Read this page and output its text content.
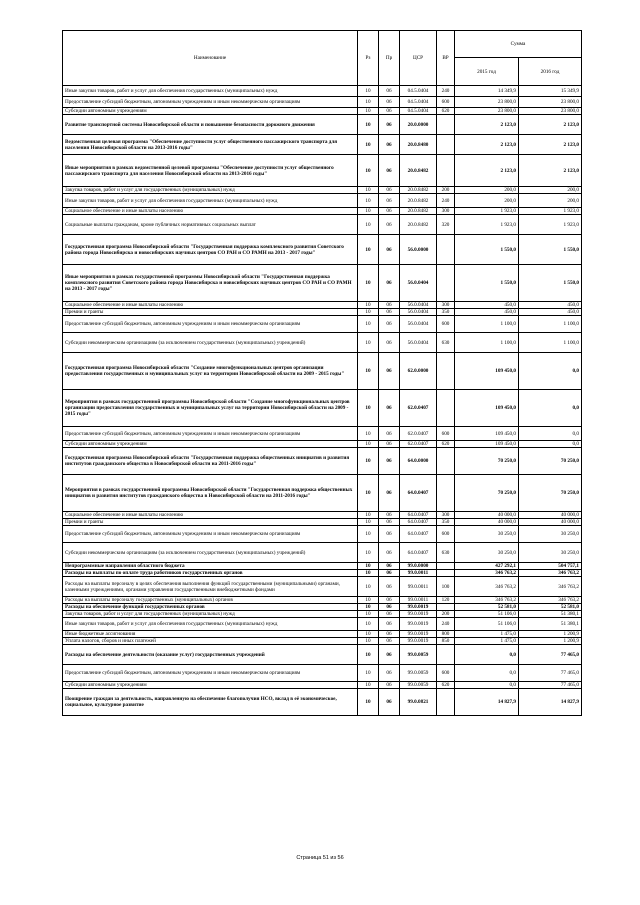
Наименование	Рз	Пр	ЦСР	ВР	Сумма	
					2015 год	2016 год
Иные закупки товаров, работ и услуг для обеспечения государственных (муниципальных) нужд	10	06	04.5.0404	240	14 349,9	15 349,9
Предоставление субсидий бюджетным, автономным учреждениям и иным некоммерческим организациям	10	06	04.5.0404	600	23 800,0	23 800,0
Субсидии автономным учреждениям	10	06	04.5.0404	620	23 800,0	23 800,0
Развитие транспортной системы Новосибирской области и повышение безопасности дорожного движения	10	06	20.0.0000		2 123,0	2 123,0
Ведомственная целевая программа "Обеспечение доступности услуг общественного пассажирского транспорта для населения Новосибирской области на 2013-2016 годы"	10	06	20.0.8480		2 123,0	2 123,0
Иные мероприятия в рамках ведомственной целевой программы "Обеспечение доступности услуг общественного пассажирского транспорта для населения Новосибирской области на 2013-2016 годы"	10	06	20.0.8482		2 123,0	2 123,0
Закупка товаров, работ и услуг для государственных (муниципальных) нужд	10	06	20.0.8482	200	200,0	200,0
Иные закупки товаров, работ и услуг для обеспечения государственных (муниципальных) нужд	10	06	20.0.8482	240	200,0	200,0
Социальное обеспечение и иные выплаты населению	10	06	20.0.8482	300	1 923,0	1 923,0
Социальные выплаты гражданам, кроме публичных нормативных социальных выплат	10	06	20.0.8482	320	1 923,0	1 923,0
Государственная программа Новосибирской области "Государственная поддержка комплексного развития Советского района города Новосибирска и новосибирских научных центров СО РАН и СО РАМН на 2013 - 2017 годы"	10	06	56.0.0000		1 550,0	1 550,0
Иные мероприятия в рамках государственной программы Новосибирской области "Государственная поддержка комплексного развития Советского района города Новосибирска и новосибирских научных центров СО РАН и СО РАМН на 2013 - 2017 годы"	10	06	56.0.0404		1 550,0	1 550,0
Социальное обеспечение и иные выплаты населению	10	06	56.0.0404	300	450,0	450,0
Премии и гранты	10	06	56.0.0404	350	450,0	450,0
Предоставление субсидий бюджетным, автономным учреждениям и иным некоммерческим организациям	10	06	56.0.0404	600	1 100,0	1 100,0
Субсидии некоммерческим организациям (за исключением государственных (муниципальных) учреждений)	10	06	56.0.0404	630	1 100,0	1 100,0
Государственная программа Новосибирской области "Создание многофункциональных центров организации предоставления государственных и муниципальных услуг на территории Новосибирской области на 2009 - 2015 годы"	10	06	62.0.0000		109 450,0	0,0
Мероприятия в рамках государственной программы Новосибирской области "Создание многофункциональных центров организации предоставления государственных и муниципальных услуг на территории Новосибирской области на 2009 - 2015 годы"	10	06	62.0.0407		109 450,0	0,0
Предоставление субсидий бюджетным, автономным учреждениям и иным некоммерческим организациям	10	06	62.0.0407	600	109 450,0	0,0
Субсидии автономным учреждениям	10	06	62.0.0407	620	109 450,0	0,0
Государственная программа Новосибирской области "Государственная поддержка общественных инициатив и развития институтов гражданского общества в Новосибирской области на 2011-2016 годы"	10	06	64.0.0000		70 250,0	70 250,0
Мероприятия в рамках государственной программы Новосибирской области "Государственная поддержка общественных инициатив и развития институтов гражданского общества в Новосибирской области на 2011-2016 годы"	10	06	64.0.0407		70 250,0	70 250,0
Социальное обеспечение и иные выплаты населению	10	06	64.0.0407	300	40 000,0	40 000,0
Премии и гранты	10	06	64.0.0407	350	40 000,0	40 000,0
Предоставление субсидий бюджетным, автономным учреждениям и иным некоммерческим организациям	10	06	64.0.0407	600	30 250,0	30 250,0
Субсидии некоммерческим организациям (за исключением государственных (муниципальных) учреждений)	10	06	64.0.0407	630	30 250,0	30 250,0
Непрограммные направления областного бюджета	10	06	99.0.0000		427 292,1	504 757,1
Расходы на выплаты по оплате труда работников государственных органов	10	06	99.0.0011		346 763,2	346 763,2
Расходы на выплаты персоналу в целях обеспечения выполнения функций государственными (муниципальными) органами, казенными учреждениями, органами управления государственными внебюджетными фондами	10	06	99.0.0011	100	346 763,2	346 763,2
Расходы на выплаты персоналу государственных (муниципальных) органов	10	06	99.0.0011	120	346 763,2	346 763,2
Расходы на обеспечение функций государственных органов	10	06	99.0.0019		52 581,0	52 581,0
Закупка товаров, работ и услуг для государственных (муниципальных) нужд	10	06	99.0.0019	200	51 106,0	51 380,1
Иные закупки товаров, работ и услуг для обеспечения государственных (муниципальных) нужд	10	06	99.0.0019	240	51 106,0	51 380,1
Иные бюджетные ассигнования	10	06	99.0.0019	800	1 475,0	1 200,9
Уплата налогов, сборов и иных платежей	10	06	99.0.0019	850	1 475,0	1 200,9
Расходы на обеспечение деятельности (оказание услуг) государственных учреждений	10	06	99.0.0059		0,0	77 465,0
Предоставление субсидий бюджетным, автономным учреждениям и иным некоммерческим организациям	10	06	99.0.0059	600	0,0	77 465,0
Субсидии автономным учреждениям	10	06	99.0.0059	620	0,0	77 465,0
Поощрение граждан за деятельность, направленную на обеспечение благополучия НСО, вклад в её экономическое, социальное, культурное развитие	10	06	99.0.0821		14 827,9	14 827,9
Страница 51 из 56
